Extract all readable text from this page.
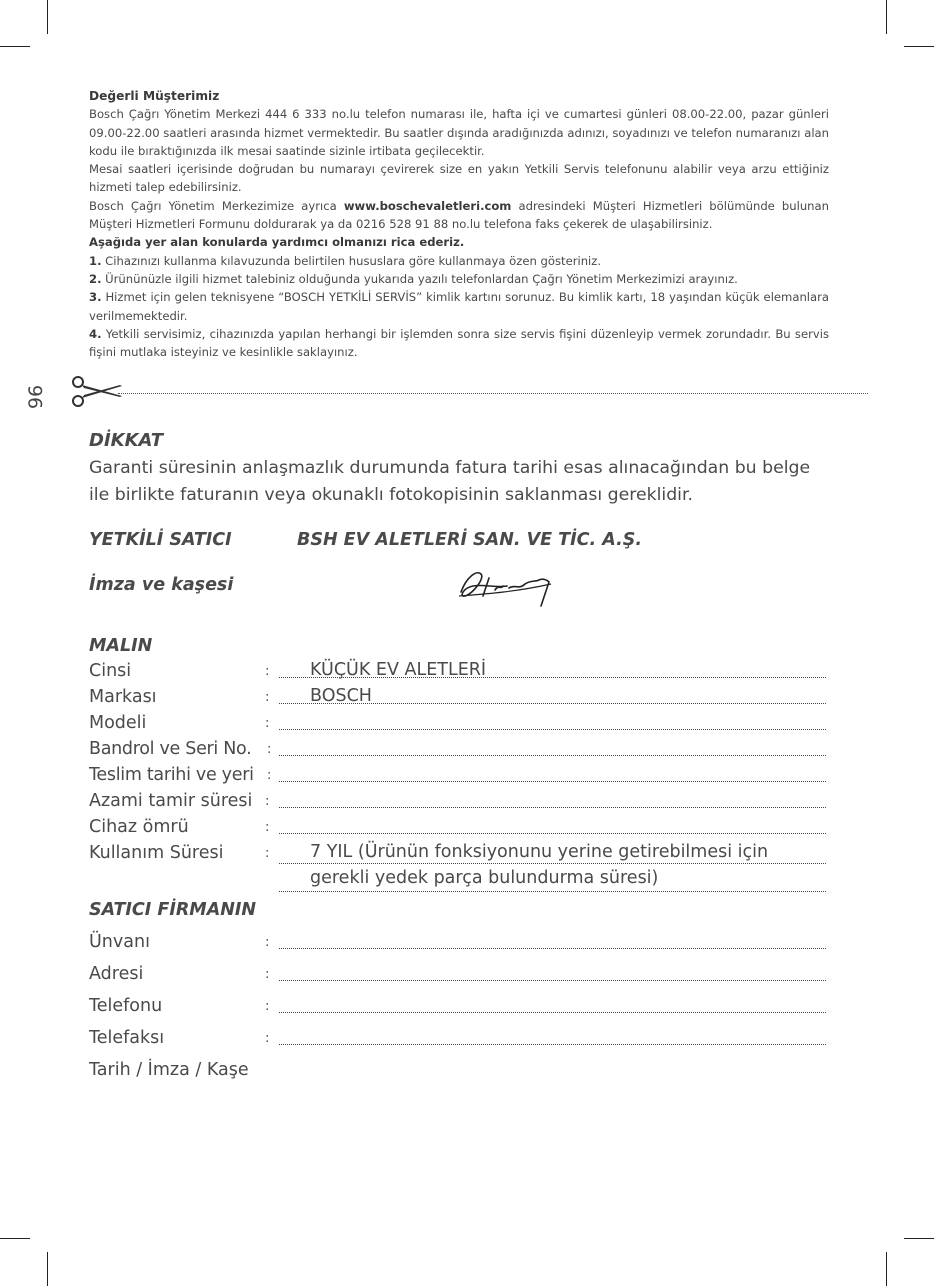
Değerli Müşterimiz

Bosch Çağrı Yönetim Merkezi 444 6 333 no.lu telefon numarası ile, hafta içi ve cumartesi günleri 08.00-22.00, pazar günleri 09.00-22.00 saatleri arasında hizmet vermektedir. Bu saatler dışında aradığınızda adınızı, soyadınızı ve telefon numaranızı alan kodu ile bıraktığınızda ilk mesai saatinde sizinle irtibata geçilecektir.

Mesai saatleri içerisinde doğrudan bu numarayı çevirerek size en yakın Yetkili Servis telefonunu alabilir veya arzu ettiğiniz hizmeti talep edebilirsiniz.

Bosch Çağrı Yönetim Merkezimize ayrıca www.boschevaletleri.com adresindeki Müşteri Hizmetleri bölümünde bulunan Müşteri Hizmetleri Formunu doldurarak ya da 0216 528 91 88 no.lu telefona faks çekerek de ulaşabilirsiniz.

Aşağıda yer alan konularda yardımcı olmanızı rica ederiz.

1. Cihazınızı kullanma kılavuzunda belirtilen hususlara göre kullanmaya özen gösteriniz.

2. Ürününüzle ilgili hizmet talebiniz olduğunda yukarıda yazılı telefonlardan Çağrı Yönetim Merkezimizi arayınız.

3. Hizmet için gelen teknisyene “BOSCH YETKİLİ SERVİS” kimlik kartını sorunuz. Bu kimlik kartı, 18 yaşından küçük elemanlara verilmemektedir.

4. Yetkili servisimiz, cihazınızda yapılan herhangi bir işlemden sonra size servis fişini düzenleyip vermek zorundadır. Bu servis fişini mutlaka isteyiniz ve kesinlikle saklayınız.

96
DİKKAT
Garanti süresinin anlaşmazlık durumunda fatura tarihi esas alınacağından bu belge ile birlikte faturanın veya okunaklı fotokopisinin saklanması gereklidir.
YETKİLİ SATICI	BSH EV ALETLERİ SAN. VE TİC. A.Ş.
İmza ve kaşesi
MALIN
Cinsi	: KÜÇÜK EV ALETLERİ
Markası	: BOSCH
Modeli	:
Bandrol ve Seri No. :
Teslim tarihi ve yeri :
Azami tamir süresi :
Cihaz ömrü	:
Kullanım Süresi	: 7 YIL (Ürünün fonksiyonunu yerine getirebilmesi için
gerekli yedek parça bulundurma süresi)
SATICI FİRMANIN
Ünvanı	:
Adresi	:
Telefonu	:
Telefaksı	:
Tarih / İmza / Kaşe
